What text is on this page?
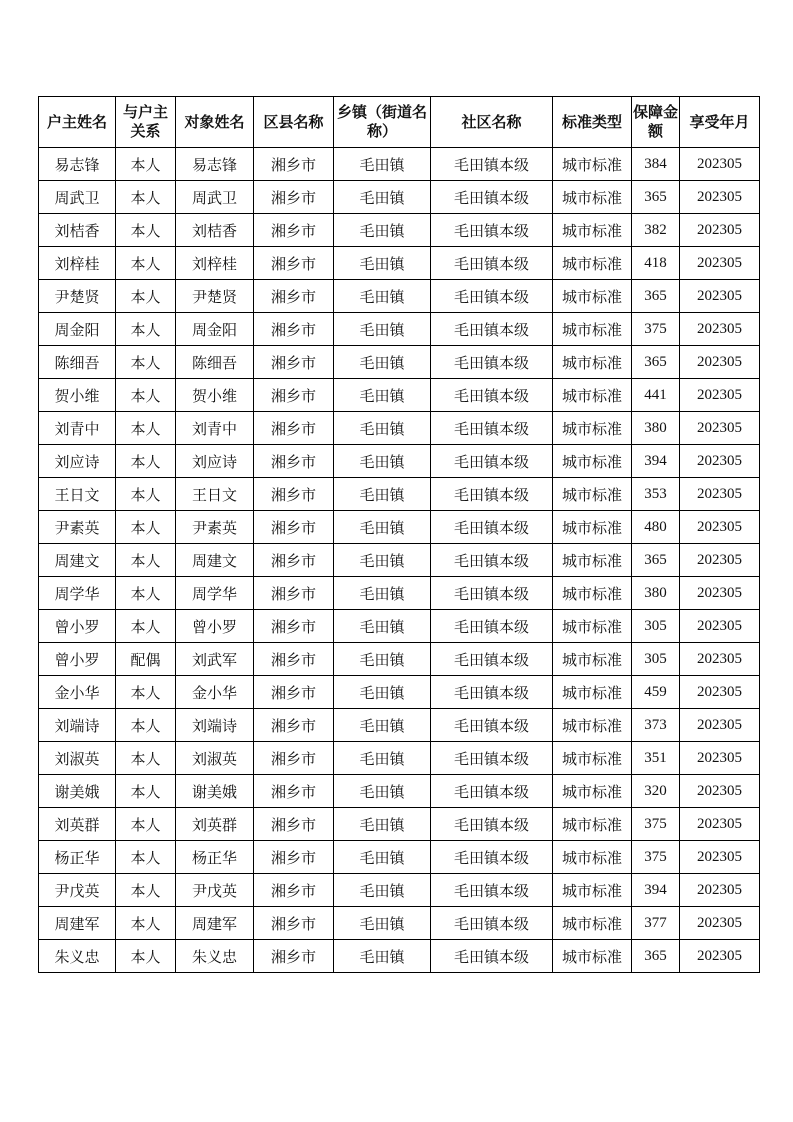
户主姓名	与户主关系	对象姓名	区县名称	乡镇（街道名称）	社区名称	标准类型	保障金额	享受年月
易志锋	本人	易志锋	湘乡市	毛田镇	毛田镇本级	城市标准	384	202305
周武卫	本人	周武卫	湘乡市	毛田镇	毛田镇本级	城市标准	365	202305
刘桔香	本人	刘桔香	湘乡市	毛田镇	毛田镇本级	城市标准	382	202305
刘梓桂	本人	刘梓桂	湘乡市	毛田镇	毛田镇本级	城市标准	418	202305
尹楚贤	本人	尹楚贤	湘乡市	毛田镇	毛田镇本级	城市标准	365	202305
周金阳	本人	周金阳	湘乡市	毛田镇	毛田镇本级	城市标准	375	202305
陈细吾	本人	陈细吾	湘乡市	毛田镇	毛田镇本级	城市标准	365	202305
贺小维	本人	贺小维	湘乡市	毛田镇	毛田镇本级	城市标准	441	202305
刘青中	本人	刘青中	湘乡市	毛田镇	毛田镇本级	城市标准	380	202305
刘应诗	本人	刘应诗	湘乡市	毛田镇	毛田镇本级	城市标准	394	202305
王日文	本人	王日文	湘乡市	毛田镇	毛田镇本级	城市标准	353	202305
尹素英	本人	尹素英	湘乡市	毛田镇	毛田镇本级	城市标准	480	202305
周建文	本人	周建文	湘乡市	毛田镇	毛田镇本级	城市标准	365	202305
周学华	本人	周学华	湘乡市	毛田镇	毛田镇本级	城市标准	380	202305
曾小罗	本人	曾小罗	湘乡市	毛田镇	毛田镇本级	城市标准	305	202305
曾小罗	配偶	刘武军	湘乡市	毛田镇	毛田镇本级	城市标准	305	202305
金小华	本人	金小华	湘乡市	毛田镇	毛田镇本级	城市标准	459	202305
刘端诗	本人	刘端诗	湘乡市	毛田镇	毛田镇本级	城市标准	373	202305
刘淑英	本人	刘淑英	湘乡市	毛田镇	毛田镇本级	城市标准	351	202305
谢美娥	本人	谢美娥	湘乡市	毛田镇	毛田镇本级	城市标准	320	202305
刘英群	本人	刘英群	湘乡市	毛田镇	毛田镇本级	城市标准	375	202305
杨正华	本人	杨正华	湘乡市	毛田镇	毛田镇本级	城市标准	375	202305
尹戊英	本人	尹戊英	湘乡市	毛田镇	毛田镇本级	城市标准	394	202305
周建军	本人	周建军	湘乡市	毛田镇	毛田镇本级	城市标准	377	202305
朱义忠	本人	朱义忠	湘乡市	毛田镇	毛田镇本级	城市标准	365	202305
